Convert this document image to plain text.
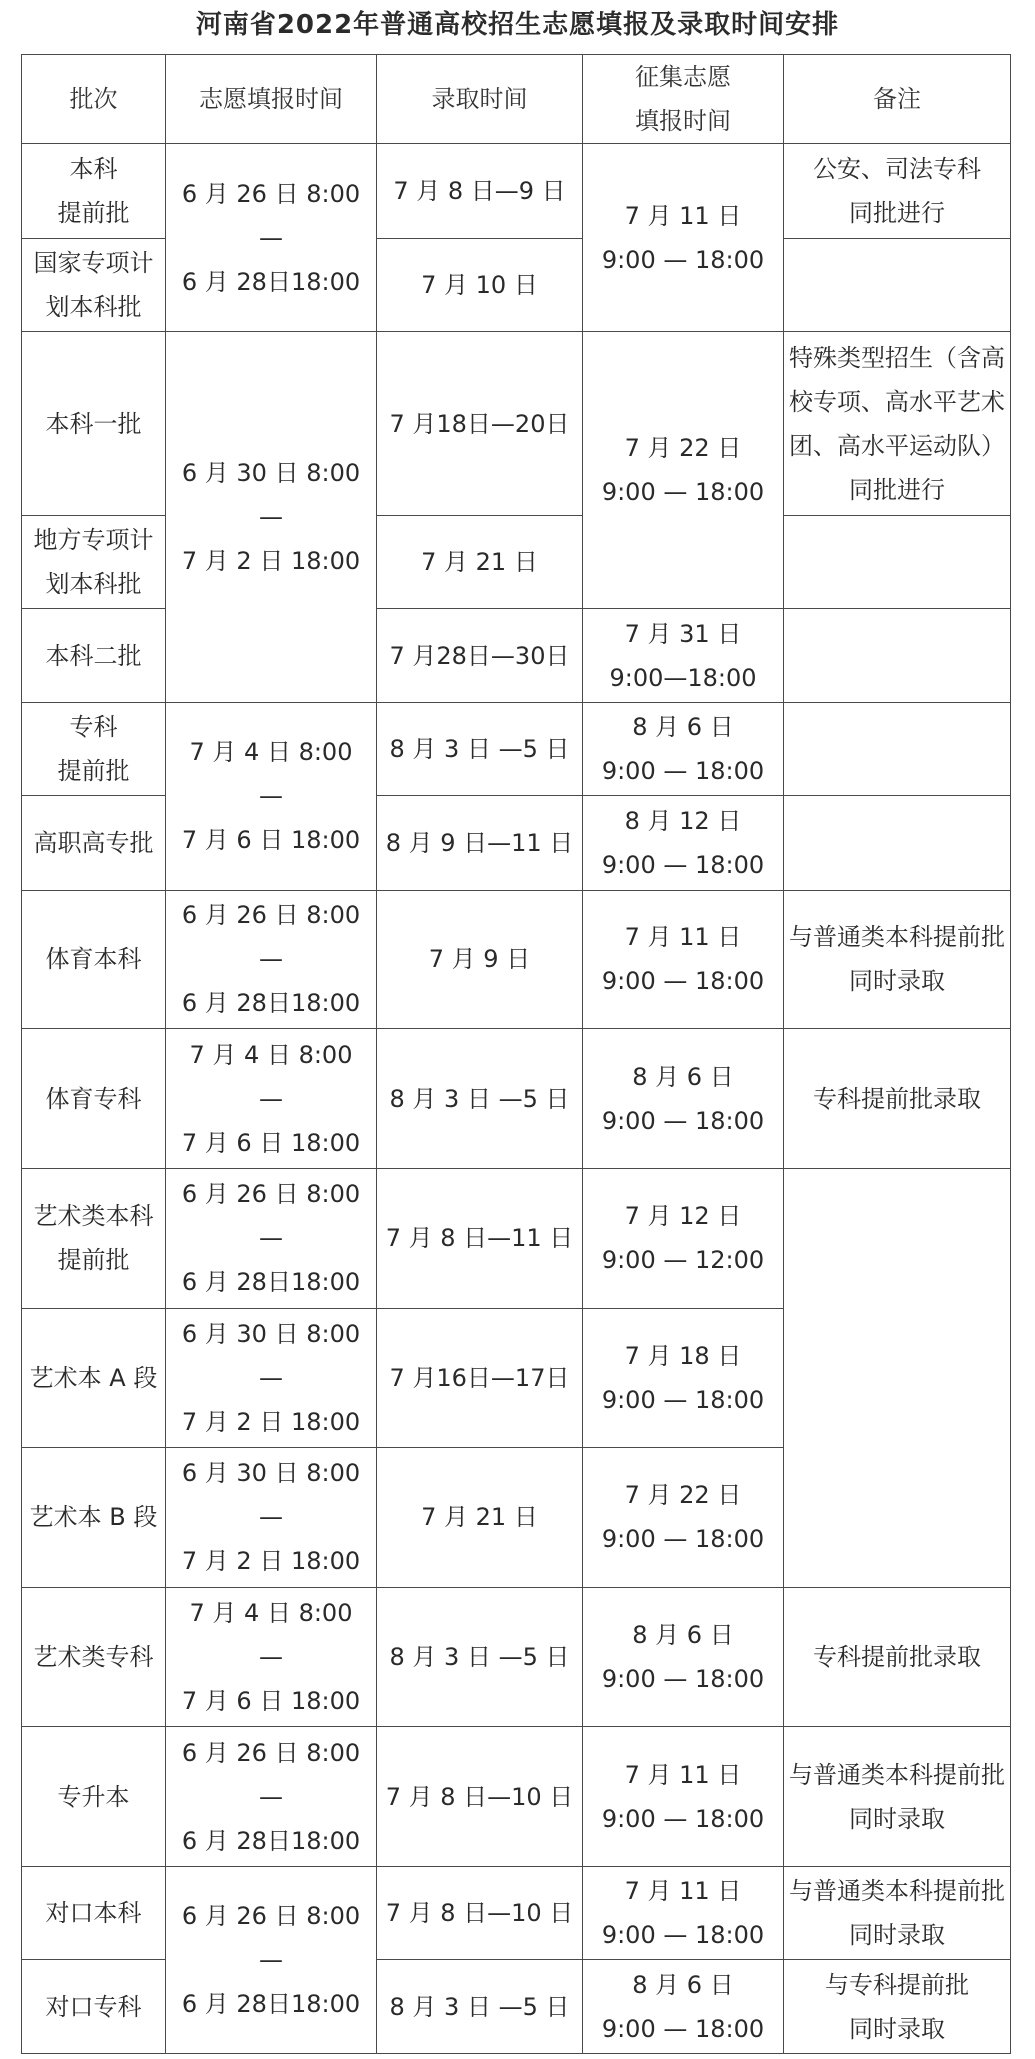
河南省2022年普通高校招生志愿填报及录取时间安排
批次	志愿填报时间	录取时间	征集志愿
填报时间	备注

本科
提前批	6 月 26 日 8:00
—
6 月 28日18:00	7 月 8 日—9 日	7 月 11 日
9:00 — 18:00	公安、司法专科
同批进行

国家专项计
划本科批		7 月 10 日		

本科一批	6 月 30 日 8:00
—
7 月 2 日 18:00	7 月18日—20日	7 月 22 日
9:00 — 18:00	特殊类型招生（含高
校专项、高水平艺术
团、高水平运动队）
同批进行

地方专项计
划本科批		7 月 21 日		

本科二批		7 月28日—30日	7 月 31 日
9:00—18:00	

专科
提前批	7 月 4 日 8:00
—
7 月 6 日 18:00	8 月 3 日 —5 日	8 月 6 日
9:00 — 18:00	

高职高专批		8 月 9 日—11 日	8 月 12 日
9:00 — 18:00	

体育本科	6 月 26 日 8:00
—
6 月 28日18:00	7 月 9 日	7 月 11 日
9:00 — 18:00	与普通类本科提前批
同时录取

体育专科	7 月 4 日 8:00
—
7 月 6 日 18:00	8 月 3 日 —5 日	8 月 6 日
9:00 — 18:00	专科提前批录取

艺术类本科
提前批	6 月 26 日 8:00
—
6 月 28日18:00	7 月 8 日—11 日	7 月 12 日
9:00 — 12:00	

艺术本 A 段	6 月 30 日 8:00
—
7 月 2 日 18:00	7 月16日—17日	7 月 18 日
9:00 — 18:00	

艺术本 B 段	6 月 30 日 8:00
—
7 月 2 日 18:00	7 月 21 日	7 月 22 日
9:00 — 18:00	

艺术类专科	7 月 4 日 8:00
—
7 月 6 日 18:00	8 月 3 日 —5 日	8 月 6 日
9:00 — 18:00	专科提前批录取

专升本	6 月 26 日 8:00
—
6 月 28日18:00	7 月 8 日—10 日	7 月 11 日
9:00 — 18:00	与普通类本科提前批
同时录取

对口本科	6 月 26 日 8:00
—
6 月 28日18:00	7 月 8 日—10 日	7 月 11 日
9:00 — 18:00	与普通类本科提前批
同时录取

对口专科		8 月 3 日 —5 日	8 月 6 日
9:00 — 18:00	与专科提前批
同时录取
